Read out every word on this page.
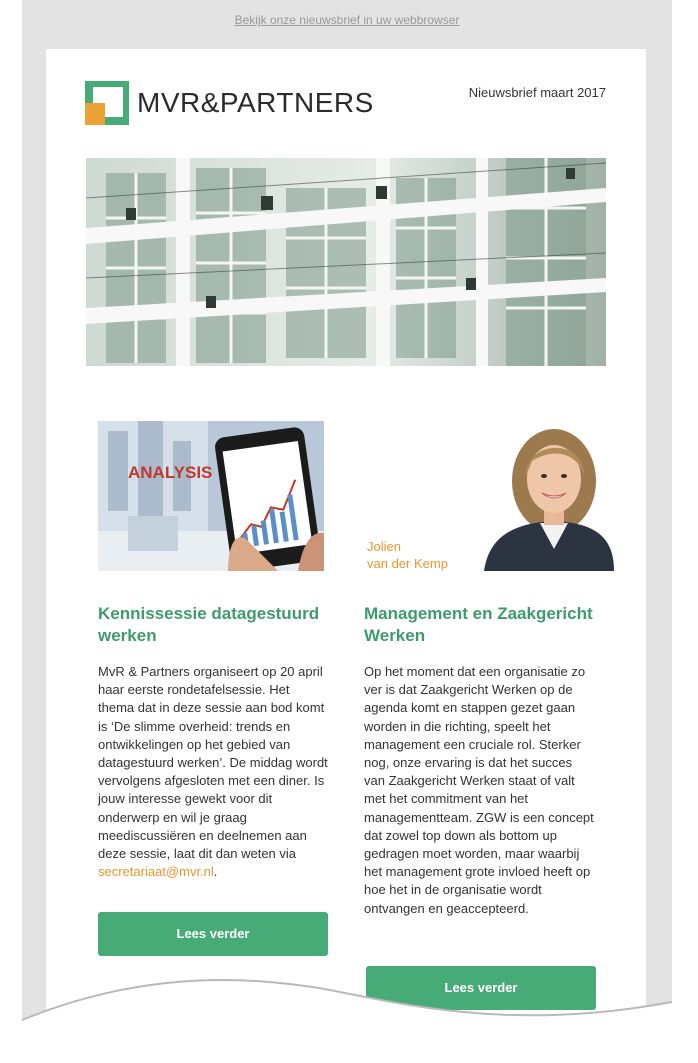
Bekijk onze nieuwsbrief in uw webbrowser
MVR&PARTNERS	Nieuwsbrief maart 2017
ANALYSIS
Kennissessie datagestuurd werken
MvR & Partners organiseert op 20 april haar eerste rondetafelsessie. Het thema dat in deze sessie aan bod komt is ‘De slimme overheid: trends en ontwikkelingen op het gebied van datagestuurd werken’. De middag wordt vervolgens afgesloten met een diner. Is jouw interesse gewekt voor dit onderwerp en wil je graag meediscussiëren en deelnemen aan deze sessie, laat dit dan weten via secretariaat@mvr.nl.
Jolien
van der Kemp
Management en Zaakgericht Werken
Op het moment dat een organisatie zo ver is dat Zaakgericht Werken op de agenda komt en stappen gezet gaan worden in die richting, speelt het management een cruciale rol. Sterker nog, onze ervaring is dat het succes van Zaakgericht Werken staat of valt met het commitment van het managementteam. ZGW is een concept dat zowel top down als bottom up gedragen moet worden, maar waarbij het management grote invloed heeft op hoe het in de organisatie wordt ontvangen en geaccepteerd.
Lees verder
Lees verder
